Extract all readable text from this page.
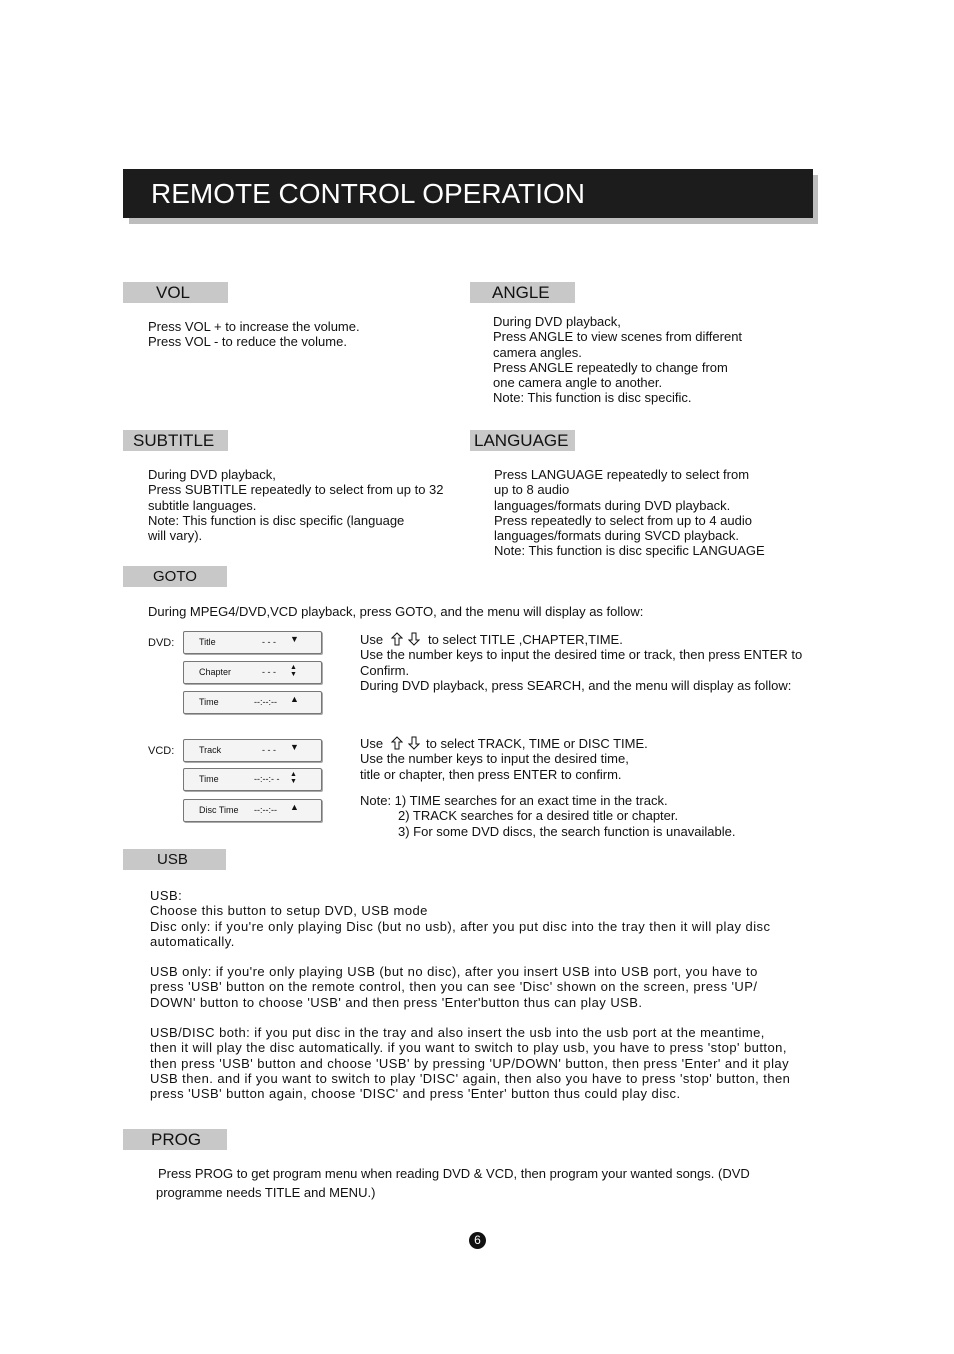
REMOTE CONTROL OPERATION
VOL
Press VOL + to increase the volume.
Press VOL - to reduce the volume.
ANGLE
During DVD playback,
Press ANGLE to view scenes from different
camera angles.
Press ANGLE repeatedly to change from
one camera angle to another.
Note: This function is disc specific.
SUBTITLE
During DVD playback,
Press SUBTITLE repeatedly to select from up to 32
subtitle languages.
Note: This function is disc specific (language
will vary).
LANGUAGE
Press LANGUAGE repeatedly to select from
up to 8 audio
languages/formats during DVD playback.
Press repeatedly to select from up to 4 audio
languages/formats during SVCD playback.
Note: This function is disc specific LANGUAGE
GOTO
During MPEG4/DVD,VCD playback, press GOTO, and the menu will display as follow:
DVD:	Title	- - - ▼
Chapter	- - - ▲▼
Time	--:--:-- ▲
Use	to select TITLE ,CHAPTER,TIME.
Use the number keys to input the desired time or track, then press ENTER to
Confirm.
During DVD playback, press SEARCH, and the menu will display as follow:
VCD:	Track	- - - ▼
Time	--:--:- - ▲▼
Disc Time --:--:-- ▲
Use	to select TRACK, TIME or DISC TIME.
Use the number keys to input the desired time,
title or chapter, then press ENTER to confirm.
Note: 1) TIME searches for an exact time in the track.
2) TRACK searches for a desired title or chapter.
3) For some DVD discs, the search function is unavailable.
USB
USB:
Choose this button to setup DVD, USB mode
Disc only: if you're only playing Disc (but no usb), after you put disc into the tray then it will play disc
automatically.
USB only: if you're only playing USB (but no disc), after you insert USB into USB port, you have to
press 'USB' button on the remote control, then you can see 'Disc' shown on the screen, press 'UP/
DOWN' button to choose 'USB' and then press 'Enter'button thus can play USB.
USB/DISC both: if you put disc in the tray and also insert the usb into the usb port at the meantime,
then it will play the disc automatically. if you want to switch to play usb, you have to press 'stop' button,
then press 'USB' button and choose 'USB' by pressing 'UP/DOWN' button, then press 'Enter' and it play
USB then. and if you want to switch to play 'DISC' again, then also you have to press 'stop' button, then
press 'USB' button again, choose 'DISC' and press 'Enter' button thus could play disc.
PROG
Press PROG to get program menu when reading DVD & VCD, then program your wanted songs. (DVD
programme needs TITLE and MENU.)
6
